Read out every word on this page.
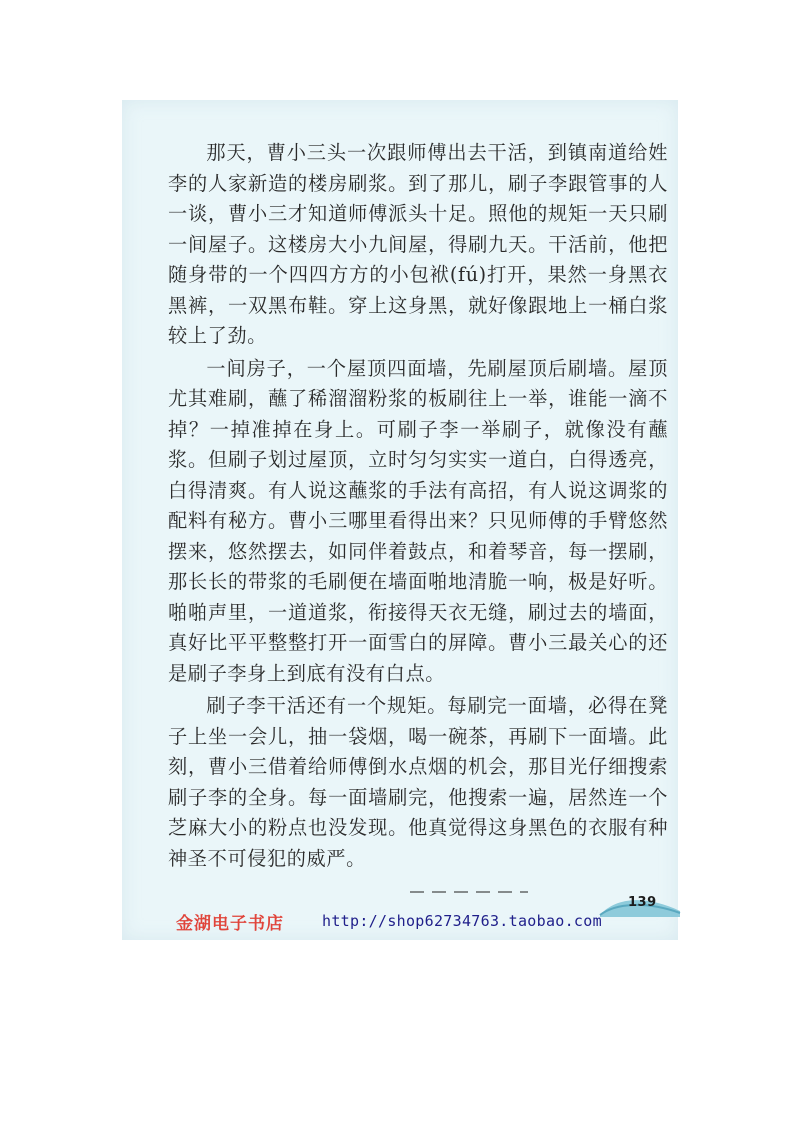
那天，曹小三头一次跟师傅出去干活，到镇南道给姓李的人家新造的楼房刷浆。到了那儿，刷子李跟管事的人一谈，曹小三才知道师傅派头十足。照他的规矩一天只刷一间屋子。这楼房大小九间屋，得刷九天。干活前，他把随身带的一个四四方方的小包袱(fú)打开，果然一身黑衣黑裤，一双黑布鞋。穿上这身黑，就好像跟地上一桶白浆较上了劲。

一间房子，一个屋顶四面墙，先刷屋顶后刷墙。屋顶尤其难刷，蘸了稀溜溜粉浆的板刷往上一举，谁能一滴不掉？一掉准掉在身上。可刷子李一举刷子，就像没有蘸浆。但刷子划过屋顶，立时匀匀实实一道白，白得透亮，白得清爽。有人说这蘸浆的手法有高招，有人说这调浆的配料有秘方。曹小三哪里看得出来？只见师傅的手臂悠然摆来，悠然摆去，如同伴着鼓点，和着琴音，每一摆刷，那长长的带浆的毛刷便在墙面啪地清脆一响，极是好听。啪啪声里，一道道浆，衔接得天衣无缝，刷过去的墙面，真好比平平整整打开一面雪白的屏障。曹小三最关心的还是刷子李身上到底有没有白点。

刷子李干活还有一个规矩。每刷完一面墙，必得在凳子上坐一会儿，抽一袋烟，喝一碗茶，再刷下一面墙。此刻，曹小三借着给师傅倒水点烟的机会，那目光仔细搜索刷子李的全身。每一面墙刷完，他搜索一遍，居然连一个芝麻大小的粉点也没发现。他真觉得这身黑色的衣服有种神圣不可侵犯的威严。

139
金湖电子书店	http://shop62734763.taobao.com
